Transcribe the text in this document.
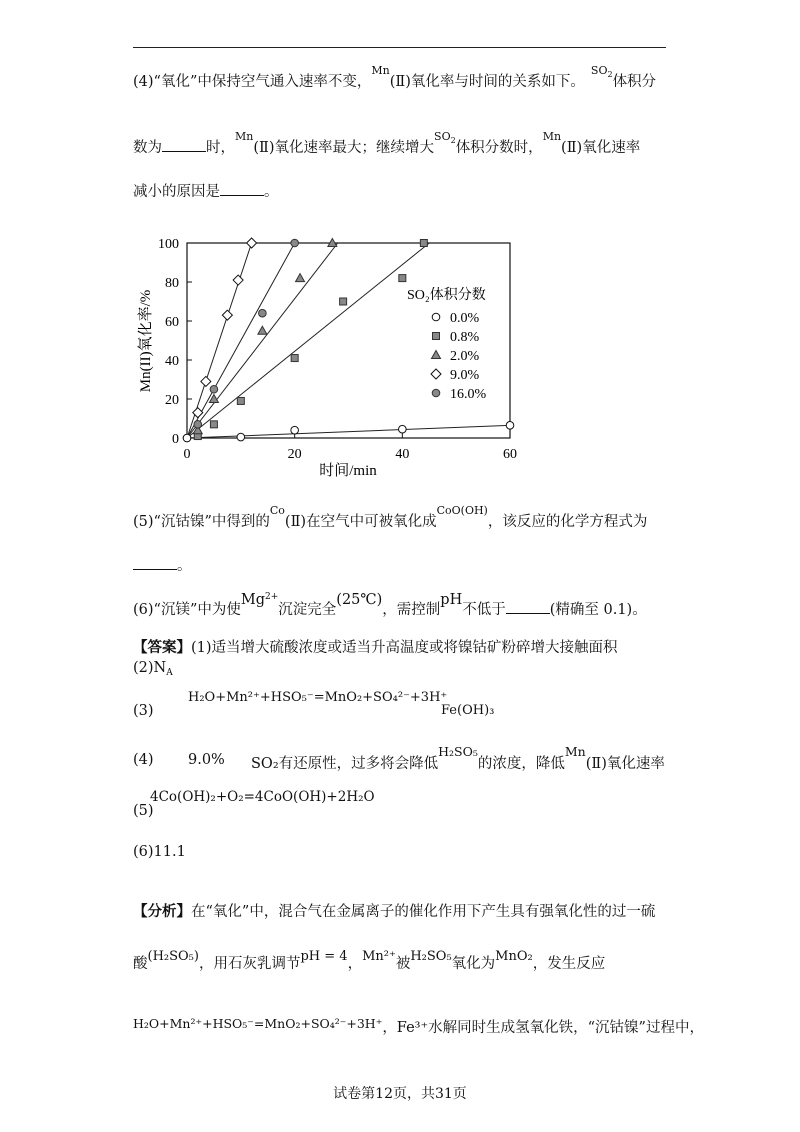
(4)“氧化”中保持空气通入速率不变，$^{Mn}$(Ⅱ)氧化率与时间的关系如下。$^{SO_2}$体积分
数为	时，$^{Mn}$(Ⅱ)氧化速率最大；继续增大$^{SO_2}$体积分数时，$^{Mn}$(Ⅱ)氧化速率
减小的原因是	。
0	20	40	60
0
20
40
60
80
100
时间/min
Mn(II)氧化率/%	SO₂体积分数
0.0%
0.8%
2.0%
9.0%
16.0%
(5)“沉钴镍”中得到的$^{Co}$(Ⅱ)在空气中可被氧化成$^{CoO(OH)}$，该反应的化学方程式为
。
(6)“沉镁”中为使$Mg^{2+}$沉淀完全(25℃)，需控制pH不低于	(精确至 0.1)。
【答案】(1)适当增大硫酸浓度或适当升高温度或将镍钴矿粉碎增大接触面积
$(2)N_A$
(3)
H₂O+Mn²⁺+HSO₅⁻=MnO₂+SO₄²⁻+3H⁺
Fe(OH)₃
(4) 9.0% SO₂有还原性，过多将会降低H₂SO₅的浓度，降低Mn(Ⅱ)氧化速率
(5)
4Co(OH)₂+O₂=4CoO(OH)+2H₂O
(6)11.1
【分析】在“氧化”中，混合气在金属离子的催化作用下产生具有强氧化性的过一硫
酸(H₂SO₅)，用石灰乳调节pH = 4，Mn²⁺被H₂SO₅氧化为MnO₂，发生反应
H₂O+Mn²⁺+HSO₅⁻=MnO₂+SO₄²⁻+3H⁺，Fe³⁺水解同时生成氢氧化铁，“沉钴镍”过程中，
试卷第12页，共31页
